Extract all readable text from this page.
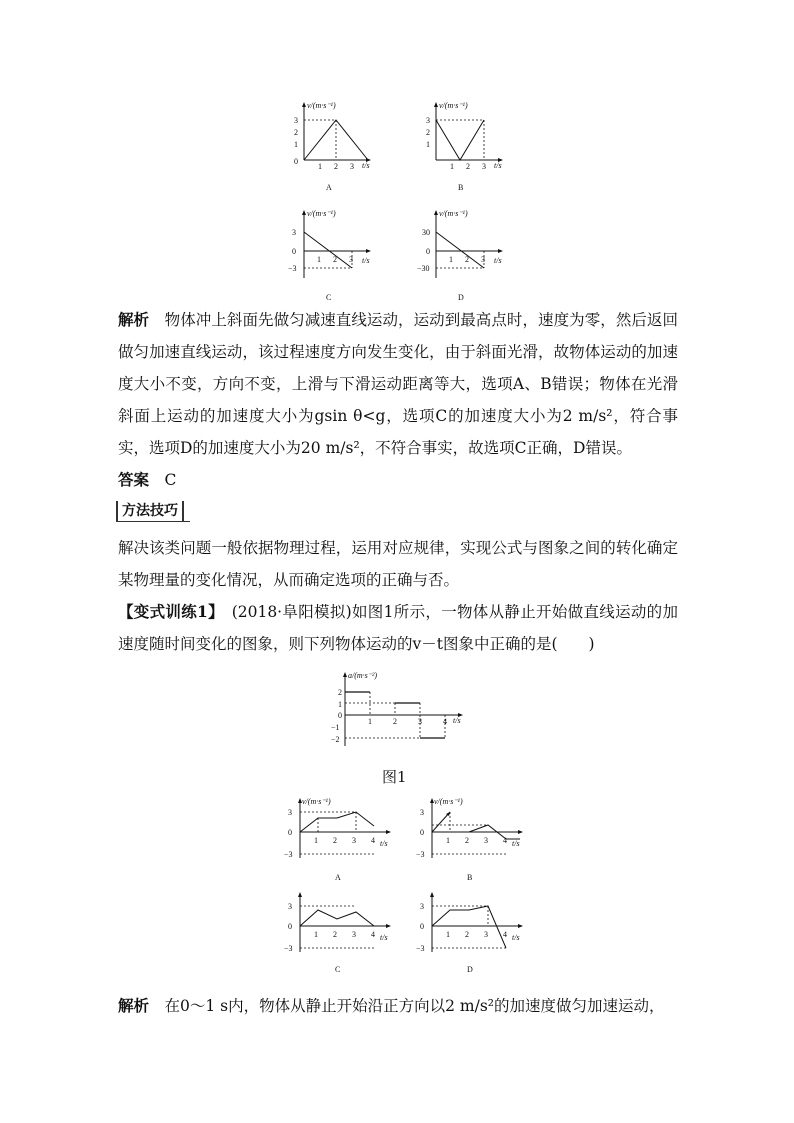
v/(m·s⁻¹)
t/s
3
2
1
0
1 2 3
A
v/(m·s⁻¹)
t/s
3
2
1
1 2 3
B
v/(m·s⁻¹)
t/s
3
0
−3
1 2 3
C
v/(m·s⁻¹)
t/s
30
0
−30
1 2 3
D
解析  物体冲上斜面先做匀减速直线运动，运动到最高点时，速度为零，然后返回做匀加速直线运动，该过程速度方向发生变化，由于斜面光滑，故物体运动的加速度大小不变，方向不变，上滑与下滑运动距离等大，选项A、B错误；物体在光滑斜面上运动的加速度大小为gsin θ<g，选项C的加速度大小为2 m/s²，符合事实，选项D的加速度大小为20 m/s²，不符合事实，故选项C正确，D错误。
答案  C
方法技巧
解决该类问题一般依据物理过程，运用对应规律，实现公式与图象之间的转化确定某物理量的变化情况，从而确定选项的正确与否。
【变式训练1】  (2018·阜阳模拟)如图1所示，一物体从静止开始做直线运动的加速度随时间变化的图象，则下列物体运动的v－t图象中正确的是(　　)
a/(m·s⁻²)
t/s
2
1
0
−1
−2
1	2	3	4
图1
v/(m·s⁻¹)
t/s
3
0
−3
1 2 3 4
A
v/(m·s⁻¹)
t/s
3
0
−3
1 2 3 4
B
t/s
3
0
−3
1 2 3 4
C
t/s
3
0
−3
1 2 3 4
D
解析  在0～1 s内，物体从静止开始沿正方向以2 m/s²的加速度做匀加速运动，
